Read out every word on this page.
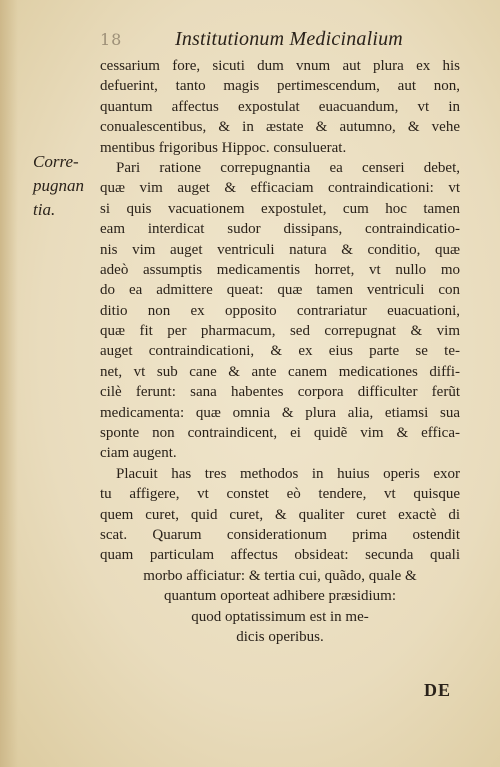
18	Institutionum Medicinalium
Corre-
pugnan
tia.
cessarium fore, sicuti dum vnum aut plura ex his
defuerint, tanto magis pertimescendum, aut non,
quantum affectus expostulat euacuandum, vt in
conualescentibus, & in æstate & autumno, & vehe
mentibus frigoribus Hippoc. consuluerat.
Pari ratione correpugnantia ea censeri debet,
quæ vim auget & efficaciam contraindicationi: vt
si quis vacuationem expostulet, cum hoc tamen
eam interdicat sudor dissipans, contraindicatio-
nis vim auget ventriculi natura & conditio, quæ
adeò assumptis medicamentis horret, vt nullo mo
do ea admittere queat: quæ tamen ventriculi con
ditio non ex opposito contrariatur euacuationi,
quæ fit per pharmacum, sed correpugnat & vim
auget contraindicationi, & ex eius parte se te-
net, vt sub cane & ante canem medicationes diffi-
cilè ferunt: sana habentes corpora difficulter ferũt
medicamenta: quæ omnia & plura alia, etiamsi sua
sponte non contraindicent, ei quidẽ vim & effica-
ciam augent.
Placuit has tres methodos in huius operis exor
tu affigere, vt constet eò tendere, vt quisque
quem curet, quid curet, & qualiter curet exactè di
scat. Quarum considerationum prima ostendit
quam particulam affectus obsideat: secunda quali
morbo afficiatur: & tertia cui, quãdo, quale &
quantum oporteat adhibere præsidium:
quod optatissimum est in me-
dicis operibus.
DE
